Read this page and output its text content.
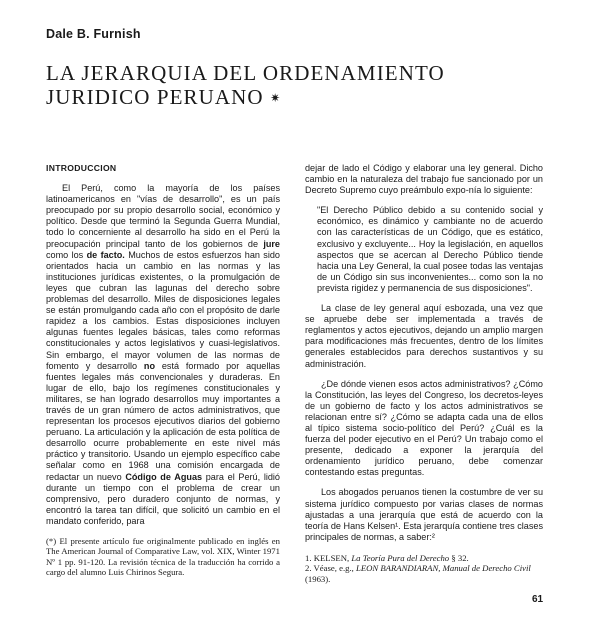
Dale B. Furnish
LA JERARQUIA DEL ORDENAMIENTO
JURIDICO PERUANO ✷
INTRODUCCION

El Perú, como la mayoría de los países latinoamericanos en "vías de desarrollo", es un país preocupado por su propio desarrollo social, económico y político. Desde que terminó la Segunda Guerra Mundial, todo lo concerniente al desarrollo ha sido en el Perú la preocupación principal tanto de los gobiernos de jure como los de facto. Muchos de estos esfuerzos han sido orientados hacia un cambio en las normas y las instituciones jurídicas existentes, o la promulgación de leyes que cubran las lagunas del derecho sobre problemas del desarrollo. Miles de disposiciones legales se están promulgando cada año con el propósito de darle rapidez a los cambios. Estas disposiciones incluyen algunas fuentes legales básicas, tales como reformas constitucionales y actos legislativos y cuasi-legislativos. Sin embargo, el mayor volumen de las normas de fomento y desarrollo no está formado por aquellas fuentes legales más convencionales y duraderas. En lugar de ello, bajo los regímenes constitucionales y militares, se han logrado desarrollos muy importantes a través de un gran número de actos administrativos, que representan los procesos ejecutivos diarios del gobierno peruano. La articulación y la aplicación de esta política de desarrollo ocurre probablemente en este nivel más práctico y transitorio. Usando un ejemplo específico cabe señalar como en 1968 una comisión encargada de redactar un nuevo Código de Aguas para el Perú, lidió durante un tiempo con el problema de crear un comprensivo, pero duradero conjunto de normas, y encontró la tarea tan difícil, que solicitó un cambio en el mandato conferido, para

(*) El presente artículo fue originalmente publicado en inglés en The American Journal of Comparative Law, vol. XIX, Winter 1971 Nº 1 pp. 91-120. La revisión técnica de la traducción ha corrido a cargo del alumno Luis Chirinos Segura.

dejar de lado el Código y elaborar una ley general. Dicho cambio en la naturaleza del trabajo fue sancionado por un Decreto Supremo cuyo preámbulo expo-nía lo siguiente:

"El Derecho Público debido a su contenido social y económico, es dinámico y cambiante no de acuerdo con las características de un Código, que es estático, exclusivo y excluyente... Hoy la legislación, en aquellos aspectos que se acercan al Derecho Público tiende hacia una Ley General, la cual posee todas las ventajas de un Código sin sus inconvenientes... como son la no prevista rigidez y permanencia de sus disposiciones".

La clase de ley general aquí esbozada, una vez que se apruebe debe ser implementada a través de reglamentos y actos ejecutivos, dejando un amplio margen para modificaciones más frecuentes, dentro de los límites generales establecidos para derechos sustantivos y su administración.

¿De dónde vienen esos actos administrativos? ¿Cómo la Constitución, las leyes del Congreso, los decretos-leyes de un gobierno de facto y los actos administrativos se relacionan entre sí? ¿Cómo se adapta cada una de ellos al típico sistema socio-político del Perú? ¿Cuál es la fuerza del poder ejecutivo en el Perú? Un trabajo como el presente, dedicado a exponer la jerarquía del ordenamiento jurídico peruano, debe comenzar contestando estas preguntas.

Los abogados peruanos tienen la costumbre de ver su sistema jurídico compuesto por varias clases de normas ajustadas a una jerarquía que está de acuerdo con la teoría de Hans Kelsen¹. Esta jerarquía contiene tres clases principales de normas, a saber:²

1. KELSEN, La Teoría Pura del Derecho § 32.
2. Véase, e.g., LEON BARANDIARAN, Manual de Derecho Civil (1963).
61
